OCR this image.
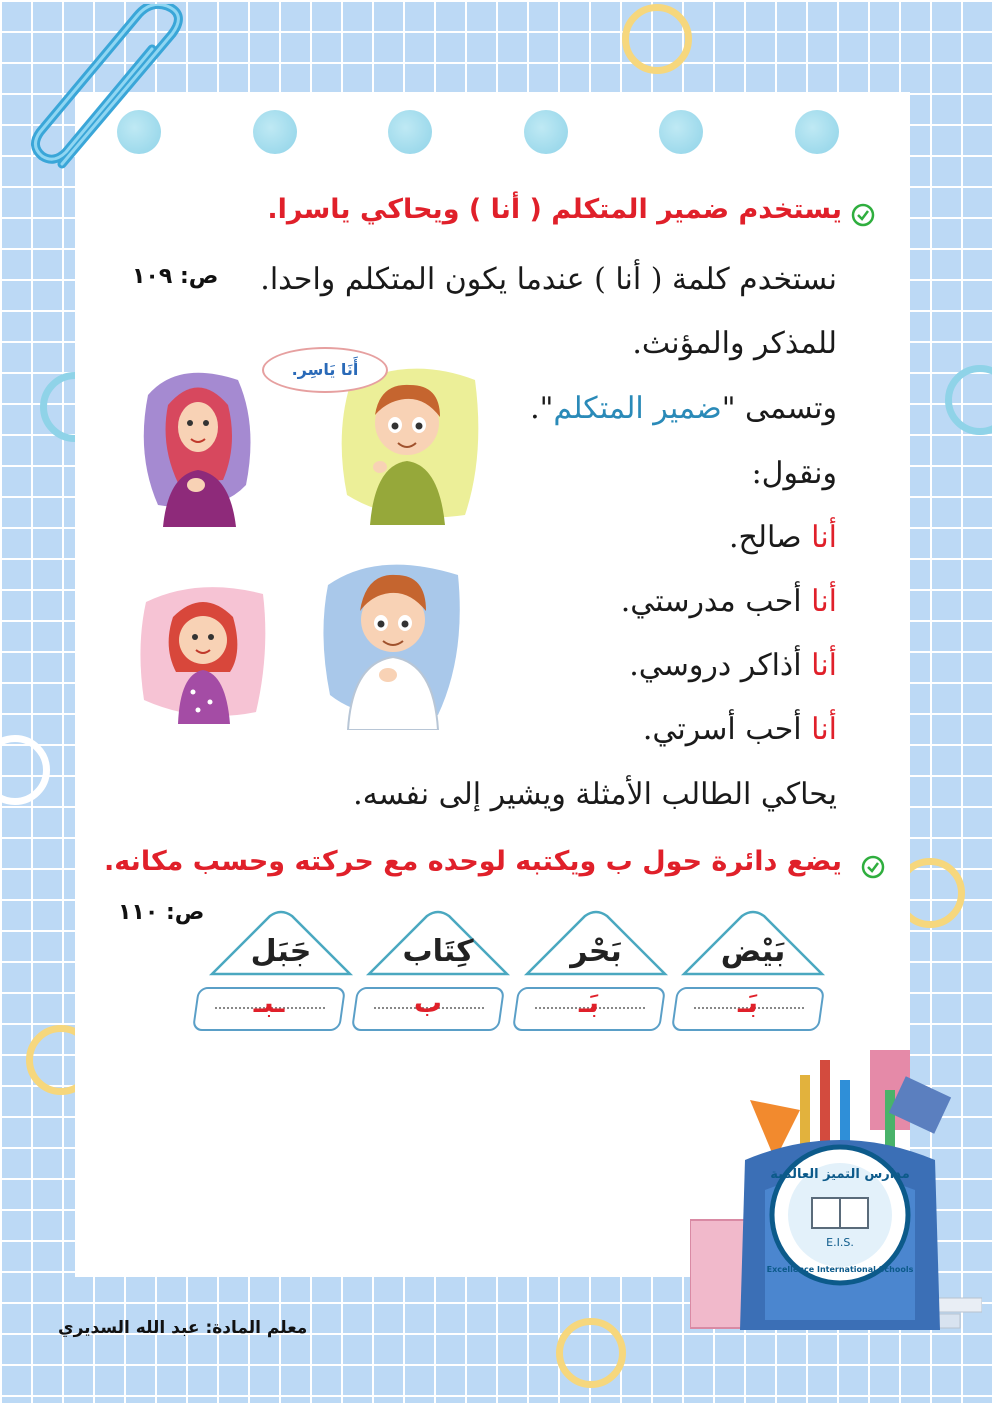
يستخدم ضمير المتكلم ( أنا ) ويحاكي ياسرا.
ص: ١٠٩ نستخدم كلمة ( أنا ) عندما يكون المتكلم واحدا.
للمذكر والمؤنث.
وتسمى "ضمير المتكلم".
ونقول:
أنا صالح.
أنا أحب مدرستي.
أنا أذاكر دروسي.
أنا أحب أسرتي.
يحاكي الطالب الأمثلة ويشير إلى نفسه.
أَنَا يَاسِر.
يضع دائرة حول ب ويكتبه لوحده مع حركته وحسب مكانه.
ص: ١١٠
بَيْض
بَحْر
كِتَاب
جَبَل
بَـ
بَـ
ب
ـبـ
E.I.S.
مدارس التميز العالمية
Excellence International Schools
معلم المادة: عبد الله السديري
